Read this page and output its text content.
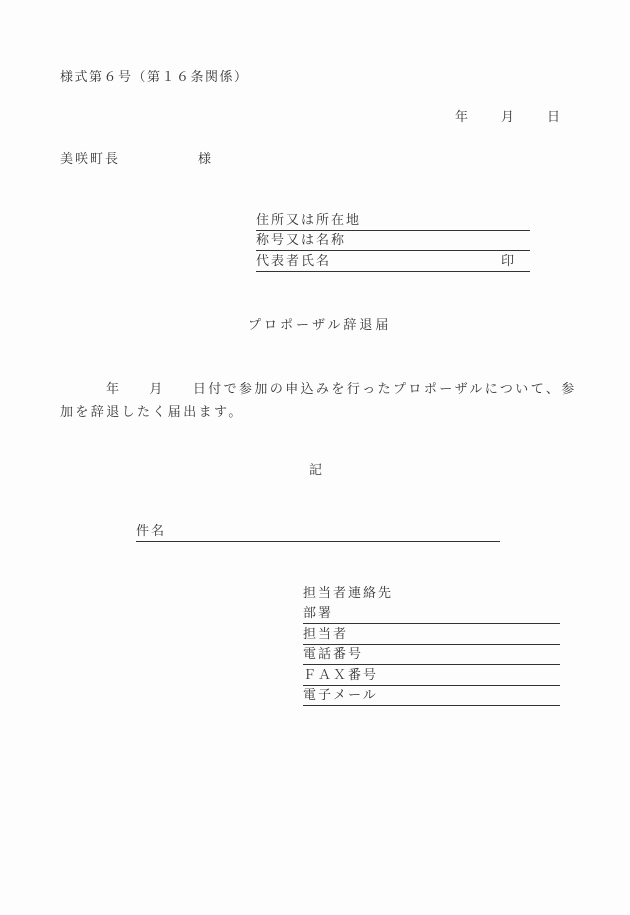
様式第６号（第１６条関係）
年 月 日
美咲町長	様
住所又は所在地
称号又は名称
代表者氏名	印
プロポーザル辞退届
年 月 日付で参加の申込みを行ったプロポーザルについて、参
加を辞退したく届出ます。
記
件名
担当者連絡先
部署
担当者
電話番号
ＦＡＸ番号
電子メール
